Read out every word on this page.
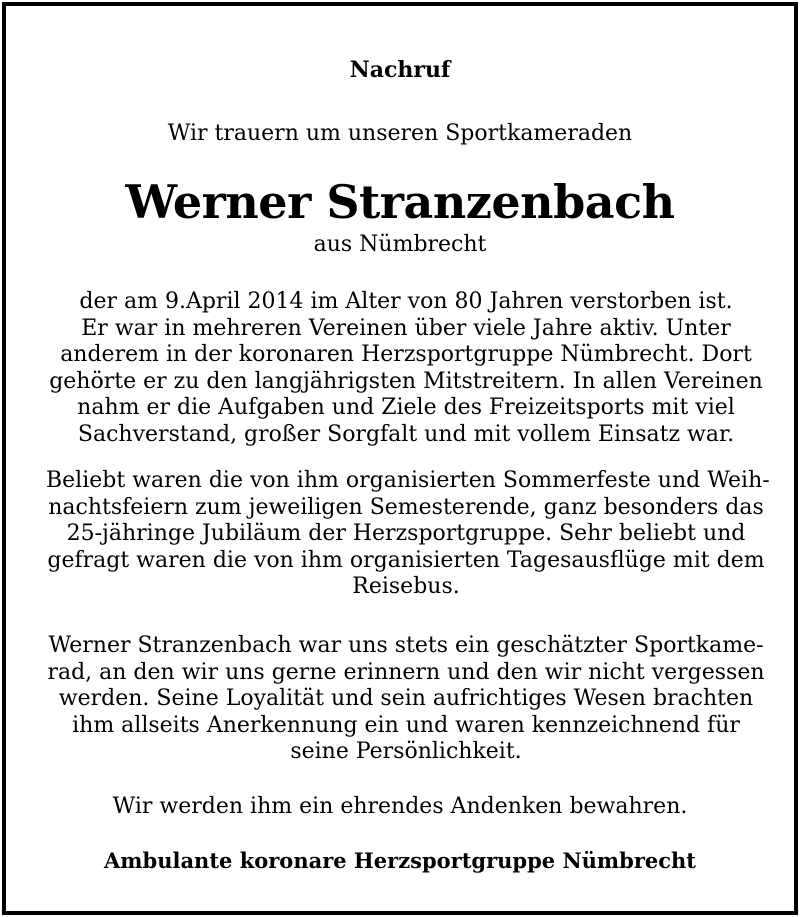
Nachruf
Wir trauern um unseren Sportkameraden
Werner Stranzenbach
aus Nümbrecht
der am 9.April 2014 im Alter von 80 Jahren verstorben ist.
Er war in mehreren Vereinen über viele Jahre aktiv. Unter
anderem in der koronaren Herzsportgruppe Nümbrecht. Dort
gehörte er zu den langjährigsten Mitstreitern. In allen Vereinen
nahm er die Aufgaben und Ziele des Freizeitsports mit viel
Sachverstand, großer Sorgfalt und mit vollem Einsatz war.
Beliebt waren die von ihm organisierten Sommerfeste und Weih-
nachtsfeiern zum jeweiligen Semesterende, ganz besonders das
25-jähringe Jubiläum der Herzsportgruppe. Sehr beliebt und
gefragt waren die von ihm organisierten Tagesausflüge mit dem
Reisebus.
Werner Stranzenbach war uns stets ein geschätzter Sportkame-
rad, an den wir uns gerne erinnern und den wir nicht vergessen
werden. Seine Loyalität und sein aufrichtiges Wesen brachten
ihm allseits Anerkennung ein und waren kennzeichnend für
seine Persönlichkeit.
Wir werden ihm ein ehrendes Andenken bewahren.
Ambulante koronare Herzsportgruppe Nümbrecht
